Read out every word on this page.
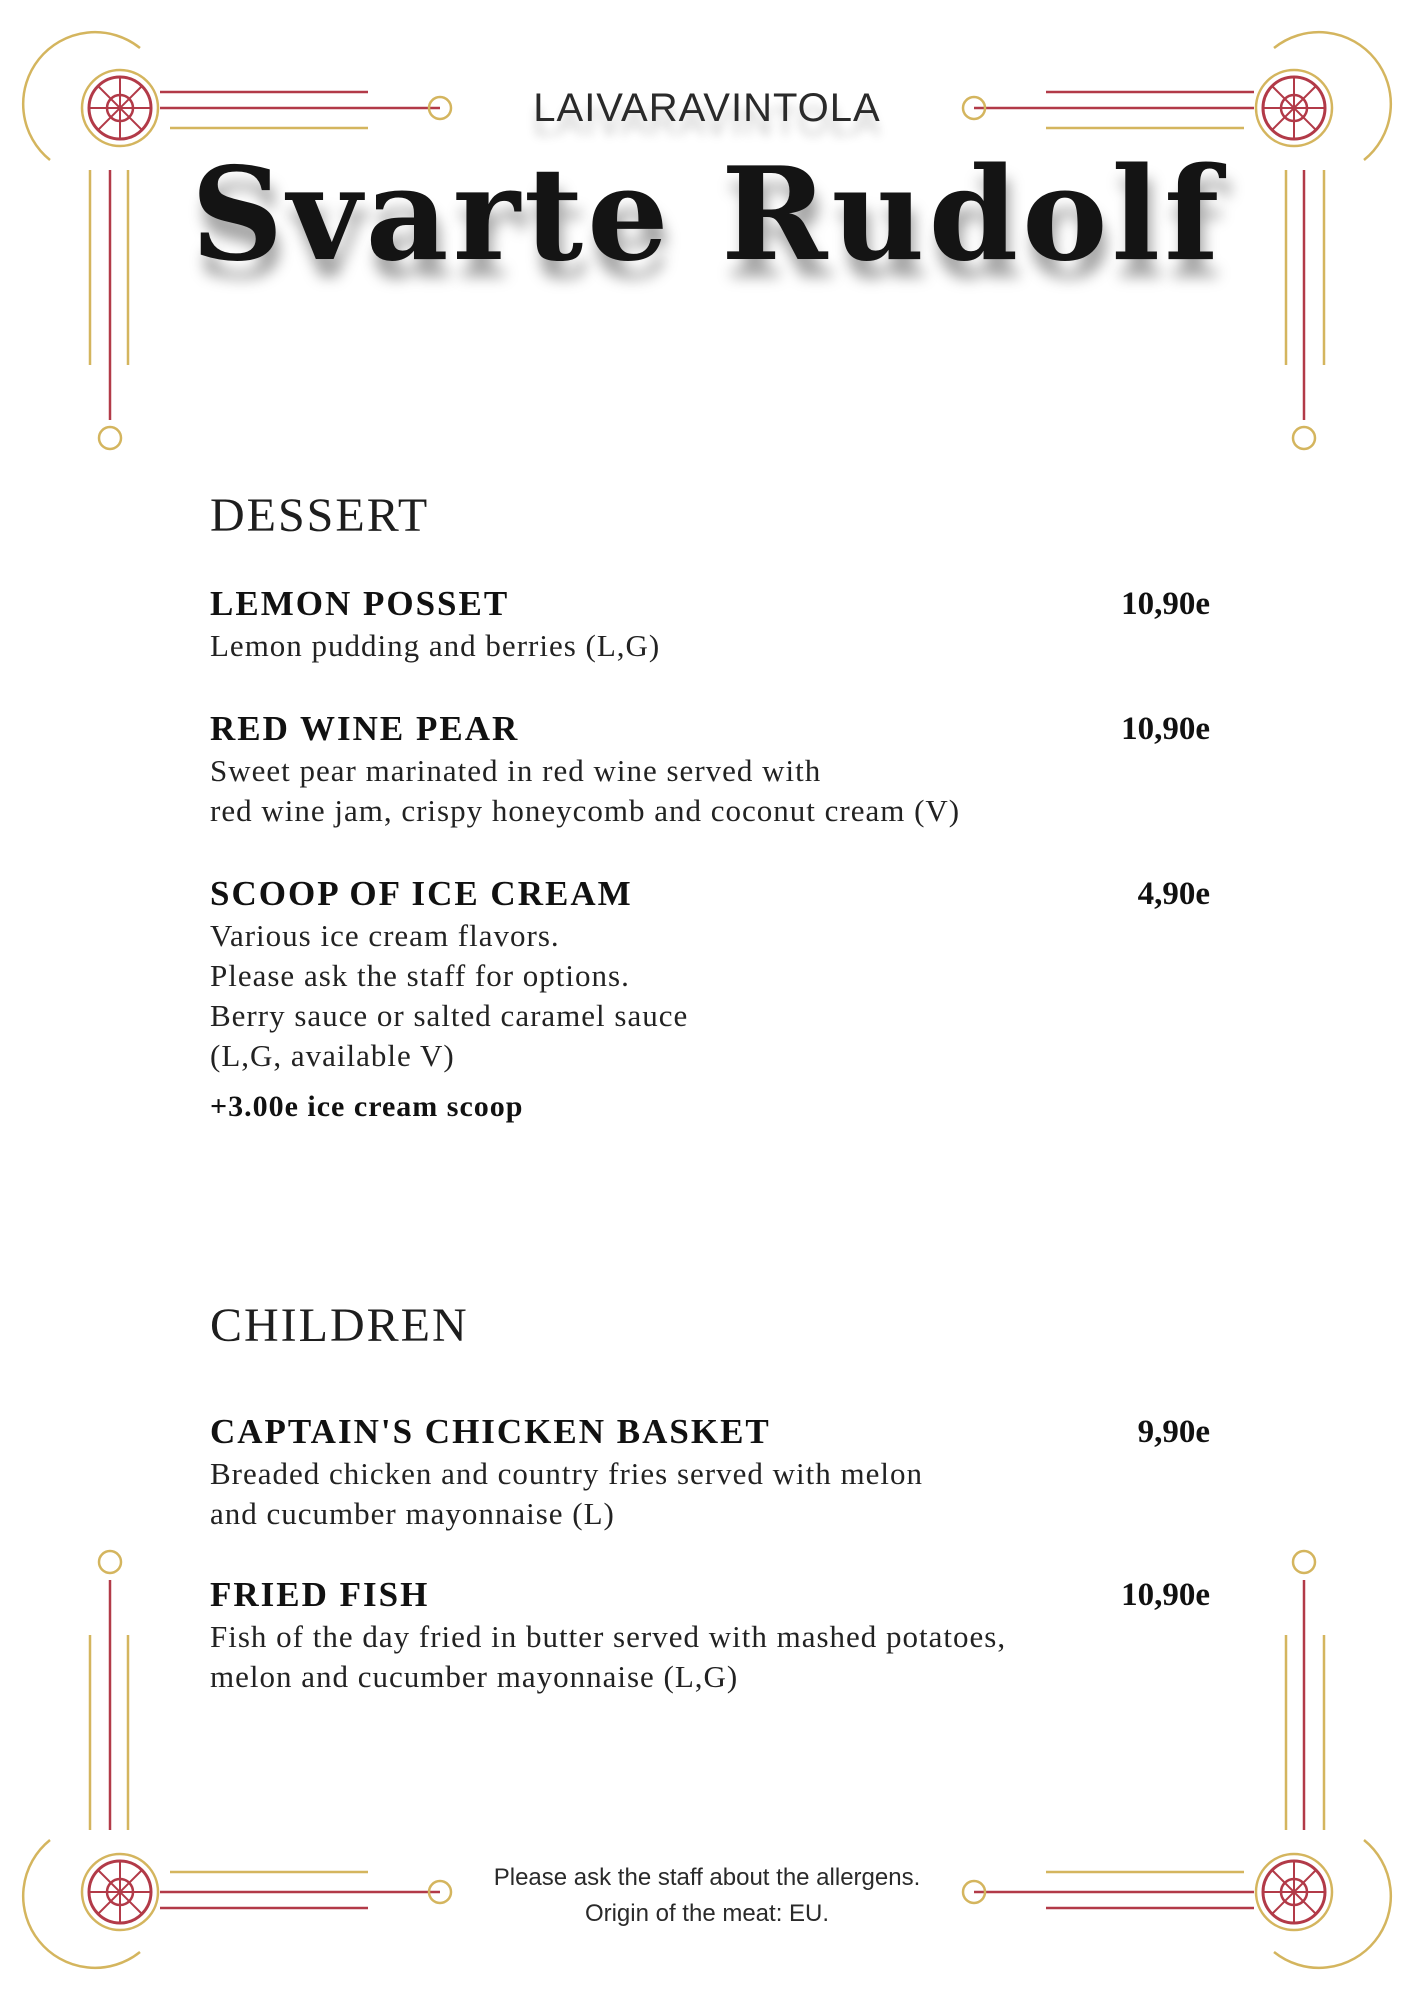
LAIVARAVINTOLA
Svarte Rudolf
DESSERT
LEMON POSSET	10,90e
Lemon pudding and berries (L,G)
RED WINE PEAR	10,90e
Sweet pear marinated in red wine served with
red wine jam, crispy honeycomb and coconut cream (V)
SCOOP OF ICE CREAM	4,90e
Various ice cream flavors.
Please ask the staff for options.
Berry sauce or salted caramel sauce
(L,G, available V)
+3.00e ice cream scoop
CHILDREN
CAPTAIN'S CHICKEN BASKET	9,90e
Breaded chicken and country fries served with melon
and cucumber mayonnaise (L)
FRIED FISH	10,90e
Fish of the day fried in butter served with mashed potatoes,
melon and cucumber mayonnaise (L,G)
Please ask the staff about the allergens.
Origin of the meat: EU.
